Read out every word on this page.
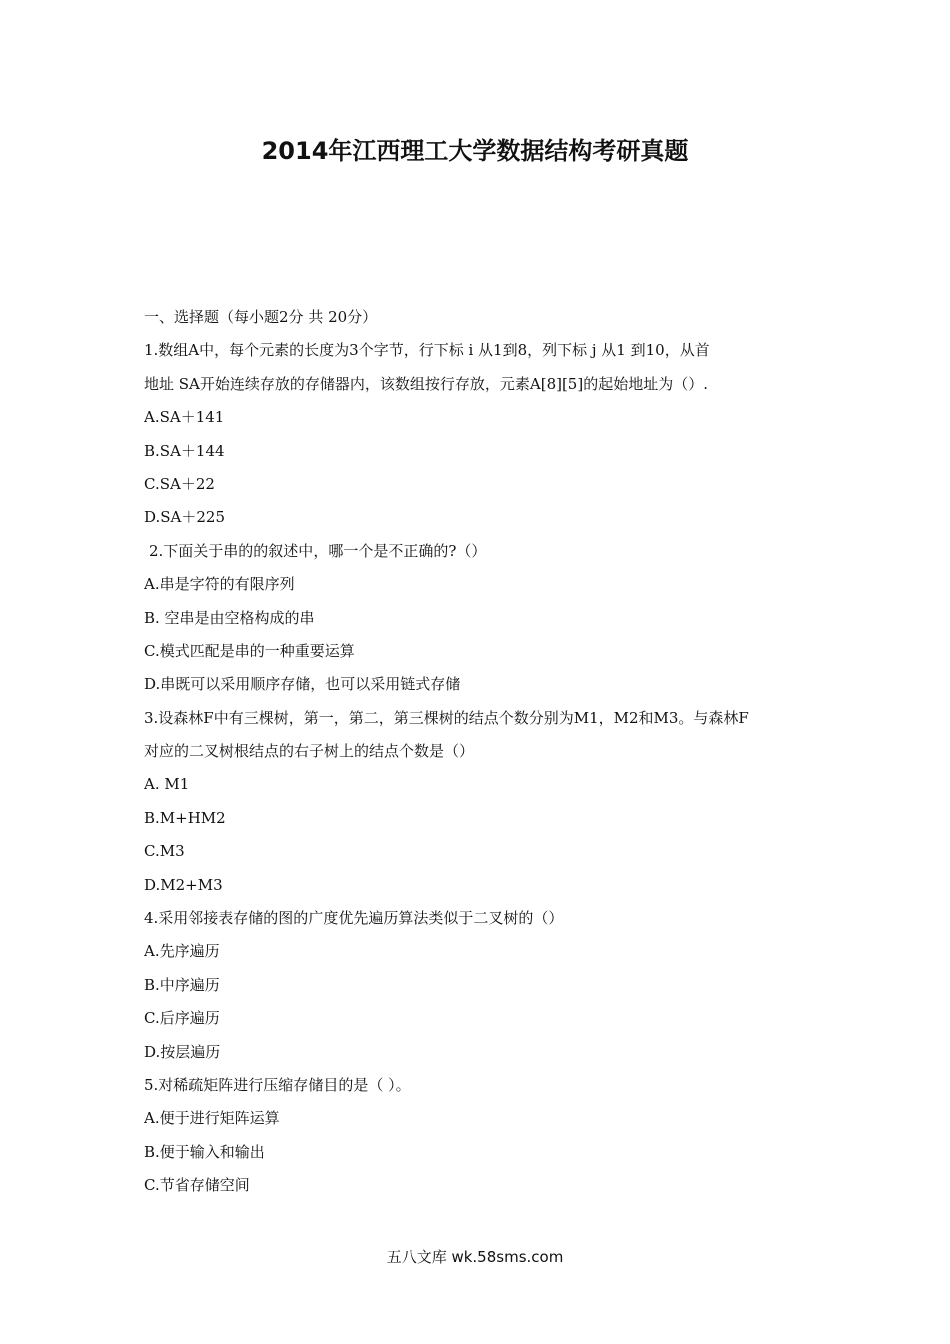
2014年江西理工大学数据结构考研真题
一、选择题（每小题2分 共 20分）
1.数组A中，每个元素的长度为3个字节，行下标 i 从1到8，列下标 j 从1 到10，从首
地址 SA开始连续存放的存储器内，该数组按行存放，元素A[8][5]的起始地址为（）.
A.SA＋141
B.SA＋144
C.SA＋22
D.SA＋225
2.下面关于串的的叙述中，哪一个是不正确的?（）
A.串是字符的有限序列
B. 空串是由空格构成的串
C.模式匹配是串的一种重要运算
D.串既可以采用顺序存储，也可以采用链式存储
3.设森林F中有三棵树，第一，第二，第三棵树的结点个数分别为M1，M2和M3。与森林F
对应的二叉树根结点的右子树上的结点个数是（）
A. M1
B.M+HM2
C.M3
D.M2+M3
4.采用邻接表存储的图的广度优先遍历算法类似于二叉树的（）
A.先序遍历
B.中序遍历
C.后序遍历
D.按层遍历
5.对稀疏矩阵进行压缩存储目的是（ ）。
A.便于进行矩阵运算
B.便于输入和输出
C.节省存储空间
五八文库 wk.58sms.com
